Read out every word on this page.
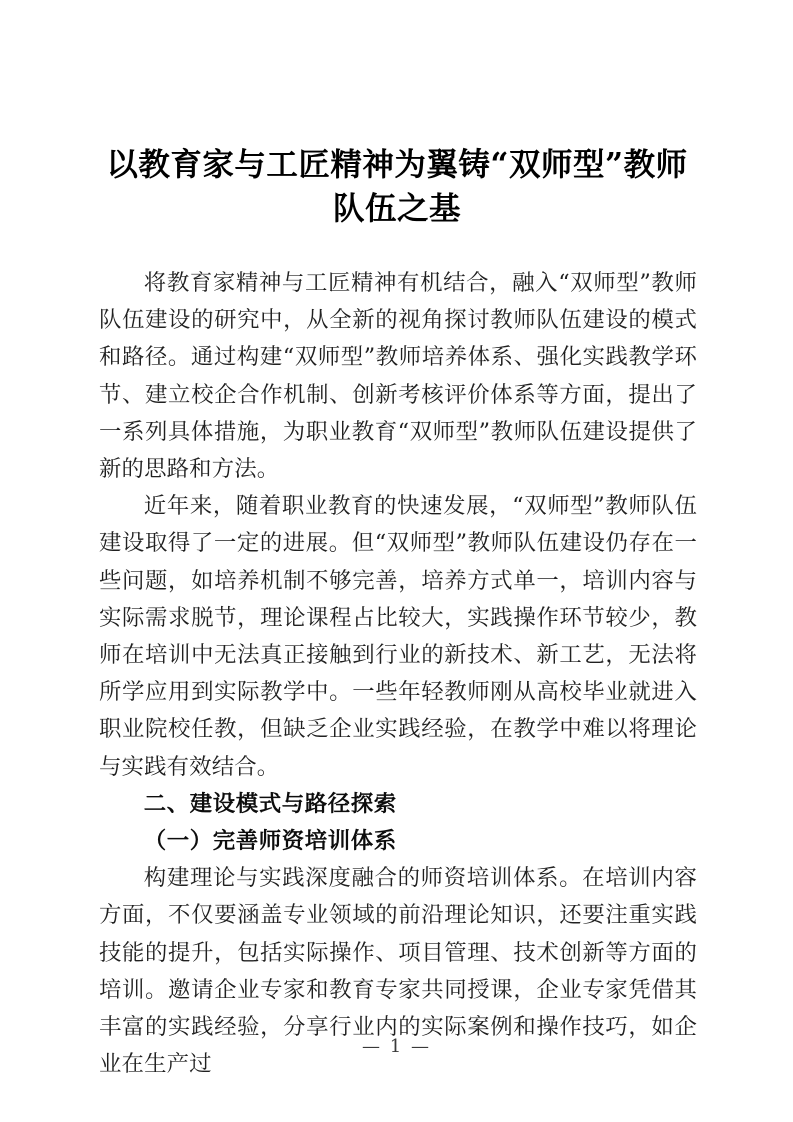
以教育家与工匠精神为翼铸“双师型”教师队伍之基

将教育家精神与工匠精神有机结合，融入“双师型”教师队伍建设的研究中，从全新的视角探讨教师队伍建设的模式和路径。通过构建“双师型”教师培养体系、强化实践教学环节、建立校企合作机制、创新考核评价体系等方面，提出了一系列具体措施，为职业教育“双师型”教师队伍建设提供了新的思路和方法。

近年来，随着职业教育的快速发展，“双师型”教师队伍建设取得了一定的进展。但“双师型”教师队伍建设仍存在一些问题，如培养机制不够完善，培养方式单一，培训内容与实际需求脱节，理论课程占比较大，实践操作环节较少，教师在培训中无法真正接触到行业的新技术、新工艺，无法将所学应用到实际教学中。一些年轻教师刚从高校毕业就进入职业院校任教，但缺乏企业实践经验，在教学中难以将理论与实践有效结合。

二、建设模式与路径探索

（一）完善师资培训体系

构建理论与实践深度融合的师资培训体系。在培训内容方面，不仅要涵盖专业领域的前沿理论知识，还要注重实践技能的提升，包括实际操作、项目管理、技术创新等方面的培训。邀请企业专家和教育专家共同授课，企业专家凭借其丰富的实践经验，分享行业内的实际案例和操作技巧，如企业在生产过

— 1 —
